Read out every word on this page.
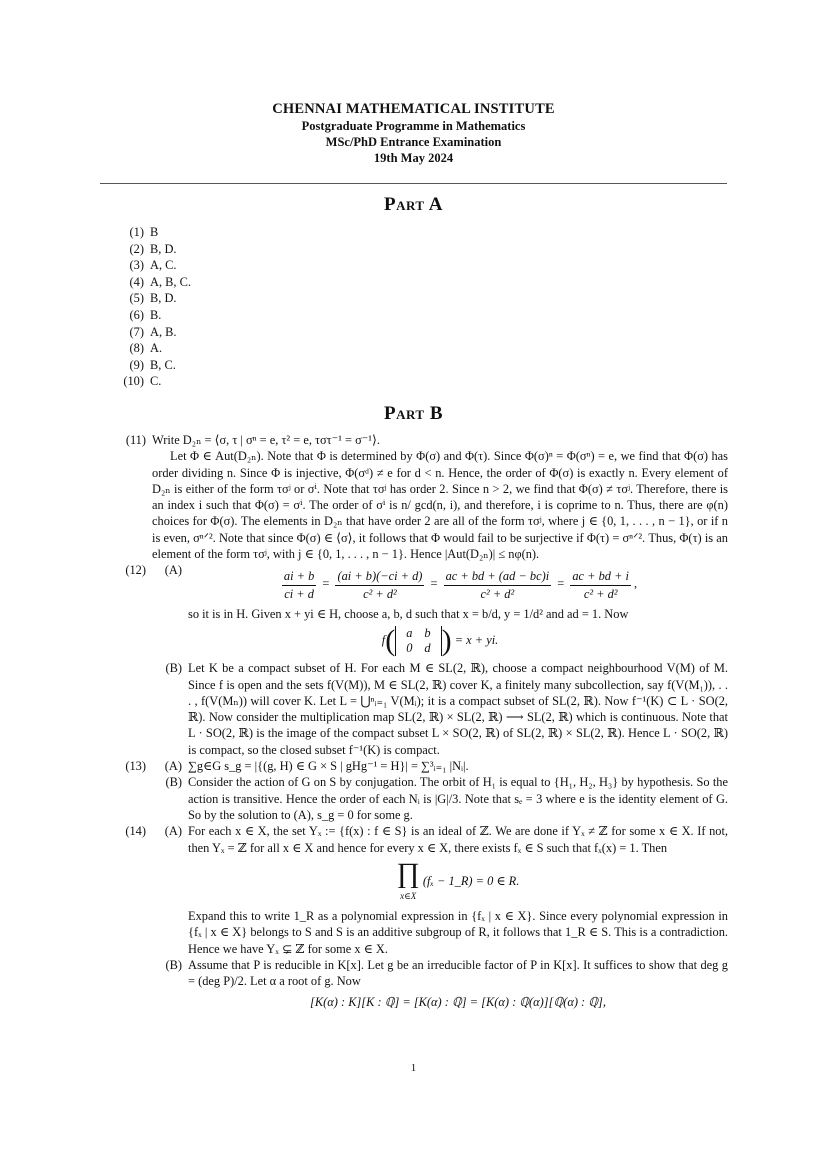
CHENNAI MATHEMATICAL INSTITUTE
Postgraduate Programme in Mathematics
MSc/PhD Entrance Examination
19th May 2024
Part A
(1) B
(2) B, D.
(3) A, C.
(4) A, B, C.
(5) B, D.
(6) B.
(7) A, B.
(8) A.
(9) B, C.
(10) C.
Part B
(11) Write D₂ₙ = ⟨σ, τ | σⁿ = e, τ² = e, τστ⁻¹ = σ⁻¹⟩.
Let Φ ∈ Aut(D₂ₙ). Note that Φ is determined by Φ(σ) and Φ(τ). Since Φ(σ)ⁿ = Φ(σⁿ) = e, we find that Φ(σ) has order dividing n. Since Φ is injective, Φ(σᵈ) ≠ e for d < n. Hence, the order of Φ(σ) is exactly n. Every element of D₂ₙ is either of the form τσʲ or σⁱ. Note that τσʲ has order 2. Since n > 2, we find that Φ(σ) ≠ τσʲ. Therefore, there is an index i such that Φ(σ) = σⁱ. The order of σⁱ is n/ gcd(n, i), and therefore, i is coprime to n. Thus, there are φ(n) choices for Φ(σ). The elements in D₂ₙ that have order 2 are all of the form τσʲ, where j ∈ {0, 1, . . . , n − 1}, or if n is even, σⁿᐟ². Note that since Φ(σ) ∈ ⟨σ⟩, it follows that Φ would fail to be surjective if Φ(τ) = σⁿᐟ². Thus, Φ(τ) is an element of the form τσʲ, with j ∈ {0, 1, . . . , n − 1}. Hence |Aut(D₂ₙ)| ≤ nφ(n).
(12)	(A)	$\frac{ai + b}{ci + d} = \frac{(ai + b)(-ci + d)}{\text{c² + d²}} = \frac{ac + bd + (ad - bc)i}{\text{c² + d²}} = \frac{ac + bd + i}{\text{c² + d²}}$ ,
so it is in H. Given x + yi ∈ H, choose a, b, d such that x = b/d, y = 1/d² and ad = 1. Now
f( a	b
0	d ) = x + yi.
(B) Let K be a compact subset of H. For each M ∈ SL(2, ℝ), choose a compact neighbourhood V(M) of M. Since f is open and the sets f(V(M)), M ∈ SL(2, ℝ) cover K, a finitely many subcollection, say f(V(M₁)), . . . , f(V(Mₙ)) will cover K. Let L = ⋃ⁿᵢ₌₁ V(Mᵢ); it is a compact subset of SL(2, ℝ). Now f⁻¹(K) ⊂ L · SO(2, ℝ). Now consider the multiplication map SL(2, ℝ) × SL(2, ℝ) ⟶ SL(2, ℝ) which is continuous. Note that L · SO(2, ℝ) is the image of the compact subset L × SO(2, ℝ) of SL(2, ℝ) × SL(2, ℝ). Hence L · SO(2, ℝ) is compact, so the closed subset f⁻¹(K) is compact.
(13)	(A) ∑g∈G s_g = |{(g, H) ∈ G × S | gHg⁻¹ = H}| = ∑³ᵢ₌₁ |Nᵢ|.
(B) Consider the action of G on S by conjugation. The orbit of H₁ is equal to {H₁, H₂, H₃} by hypothesis. So the action is transitive. Hence the order of each Nᵢ is |G|/3. Note that sₑ = 3 where e is the identity element of G. So by the solution to (A), s_g = 0 for some g.
(14)	(A) For each x ∈ X, the set Yₓ := {f(x) : f ∈ S} is an ideal of ℤ. We are done if Yₓ ≠ ℤ for some x ∈ X. If not, then Yₓ = ℤ for all x ∈ X and hence for every x ∈ X, there exists fₓ ∈ S such that fₓ(x) = 1. Then
∏
x∈X
(fₓ − 1_R) = 0 ∈ R.
Expand this to write 1_R as a polynomial expression in {fₓ | x ∈ X}. Since every polynomial expression in {fₓ | x ∈ X} belongs to S and S is an additive subgroup of R, it follows that 1_R ∈ S. This is a contradiction. Hence we have Yₓ ⊊ ℤ for some x ∈ X.
(B) Assume that P is reducible in K[x]. Let g be an irreducible factor of P in K[x]. It suffices to show that deg g = (deg P)/2. Let α a root of g. Now
[K(α) : K][K : ℚ] = [K(α) : ℚ] = [K(α) : ℚ(α)][ℚ(α) : ℚ],
1
